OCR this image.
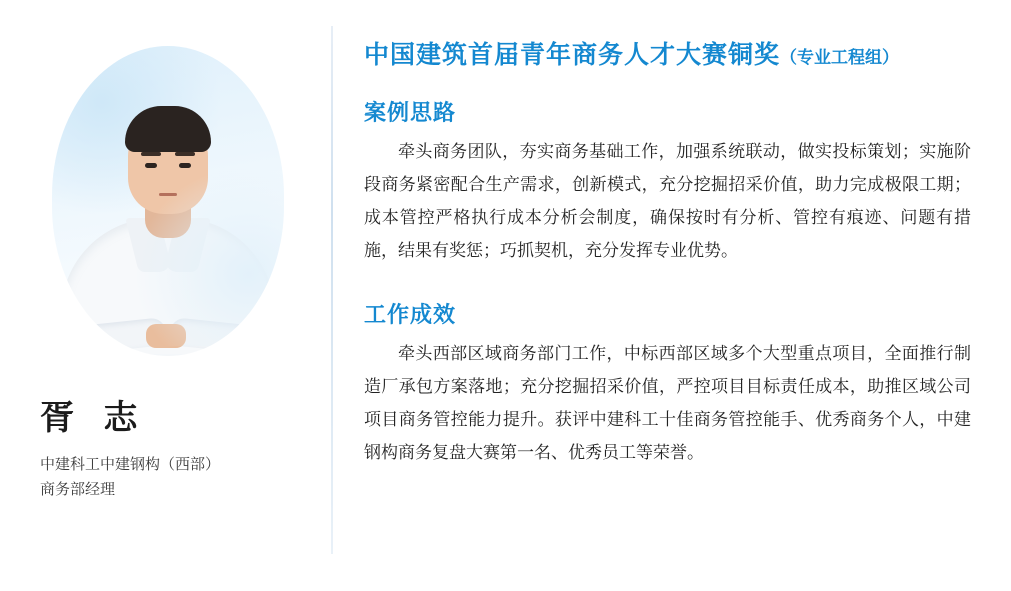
胥 志
中建科工中建钢构（西部）
商务部经理
中国建筑首届青年商务人才大赛铜奖（专业工程组）
案例思路

牵头商务团队，夯实商务基础工作，加强系统联动，做实投标策划；实施阶段商务紧密配合生产需求，创新模式，充分挖掘招采价值，助力完成极限工期；成本管控严格执行成本分析会制度，确保按时有分析、管控有痕迹、问题有措施，结果有奖惩；巧抓契机，充分发挥专业优势。

工作成效

牵头西部区域商务部门工作，中标西部区域多个大型重点项目，全面推行制造厂承包方案落地；充分挖掘招采价值，严控项目目标责任成本，助推区域公司项目商务管控能力提升。获评中建科工十佳商务管控能手、优秀商务个人，中建钢构商务复盘大赛第一名、优秀员工等荣誉。
